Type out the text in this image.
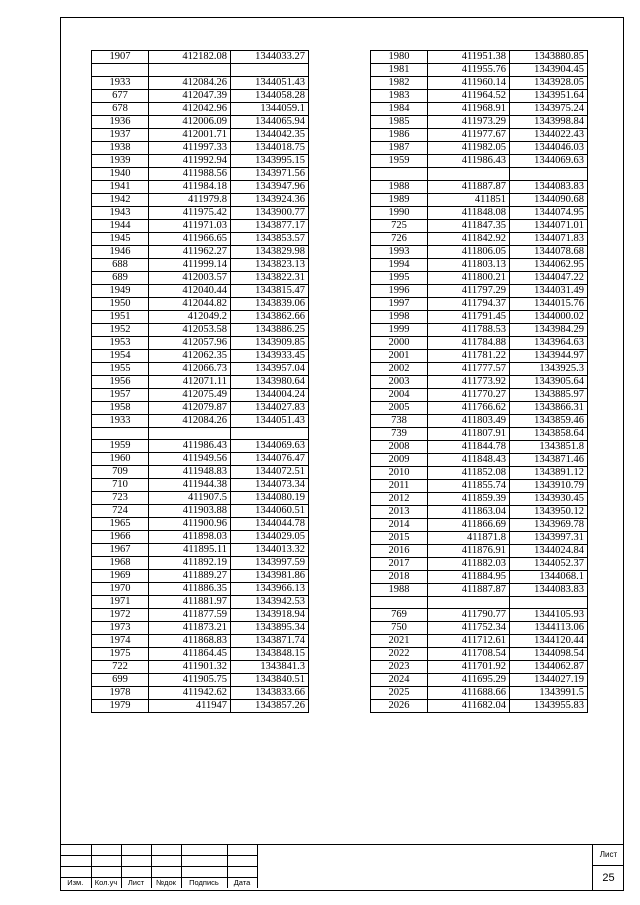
1907	412182.08	1344033.27

1933	412084.26	1344051.43
677	412047.39	1344058.28
678	412042.96	1344059.1
1936	412006.09	1344065.94
1937	412001.71	1344042.35
1938	411997.33	1344018.75
1939	411992.94	1343995.15
1940	411988.56	1343971.56
1941	411984.18	1343947.96
1942	411979.8	1343924.36
1943	411975.42	1343900.77
1944	411971.03	1343877.17
1945	411966.65	1343853.57
1946	411962.27	1343829.98
688	411999.14	1343823.13
689	412003.57	1343822.31
1949	412040.44	1343815.47
1950	412044.82	1343839.06
1951	412049.2	1343862.66
1952	412053.58	1343886.25
1953	412057.96	1343909.85
1954	412062.35	1343933.45
1955	412066.73	1343957.04
1956	412071.11	1343980.64
1957	412075.49	1344004.24
1958	412079.87	1344027.83
1933	412084.26	1344051.43

1959	411986.43	1344069.63
1960	411949.56	1344076.47
709	411948.83	1344072.51
710	411944.38	1344073.34
723	411907.5	1344080.19
724	411903.88	1344060.51
1965	411900.96	1344044.78
1966	411898.03	1344029.05
1967	411895.11	1344013.32
1968	411892.19	1343997.59
1969	411889.27	1343981.86
1970	411886.35	1343966.13
1971	411881.97	1343942.53
1972	411877.59	1343918.94
1973	411873.21	1343895.34
1974	411868.83	1343871.74
1975	411864.45	1343848.15
722	411901.32	1343841.3
699	411905.75	1343840.51
1978	411942.62	1343833.66
1979	411947	1343857.26
1980	411951.38	1343880.85
1981	411955.76	1343904.45
1982	411960.14	1343928.05
1983	411964.52	1343951.64
1984	411968.91	1343975.24
1985	411973.29	1343998.84
1986	411977.67	1344022.43
1987	411982.05	1344046.03
1959	411986.43	1344069.63

1988	411887.87	1344083.83
1989	411851	1344090.68
1990	411848.08	1344074.95
725	411847.35	1344071.01
726	411842.92	1344071.83
1993	411806.05	1344078.68
1994	411803.13	1344062.95
1995	411800.21	1344047.22
1996	411797.29	1344031.49
1997	411794.37	1344015.76
1998	411791.45	1344000.02
1999	411788.53	1343984.29
2000	411784.88	1343964.63
2001	411781.22	1343944.97
2002	411777.57	1343925.3
2003	411773.92	1343905.64
2004	411770.27	1343885.97
2005	411766.62	1343866.31
738	411803.49	1343859.46
739	411807.91	1343858.64
2008	411844.78	1343851.8
2009	411848.43	1343871.46
2010	411852.08	1343891.12
2011	411855.74	1343910.79
2012	411859.39	1343930.45
2013	411863.04	1343950.12
2014	411866.69	1343969.78
2015	411871.8	1343997.31
2016	411876.91	1344024.84
2017	411882.03	1344052.37
2018	411884.95	1344068.1
1988	411887.87	1344083.83

769	411790.77	1344105.93
750	411752.34	1344113.06
2021	411712.61	1344120.44
2022	411708.54	1344098.54
2023	411701.92	1344062.87
2024	411695.29	1344027.19
2025	411688.66	1343991.5
2026	411682.04	1343955.83

Изм.	Кол.уч	Лист	№док	Подпись	Дата
Лист
25
